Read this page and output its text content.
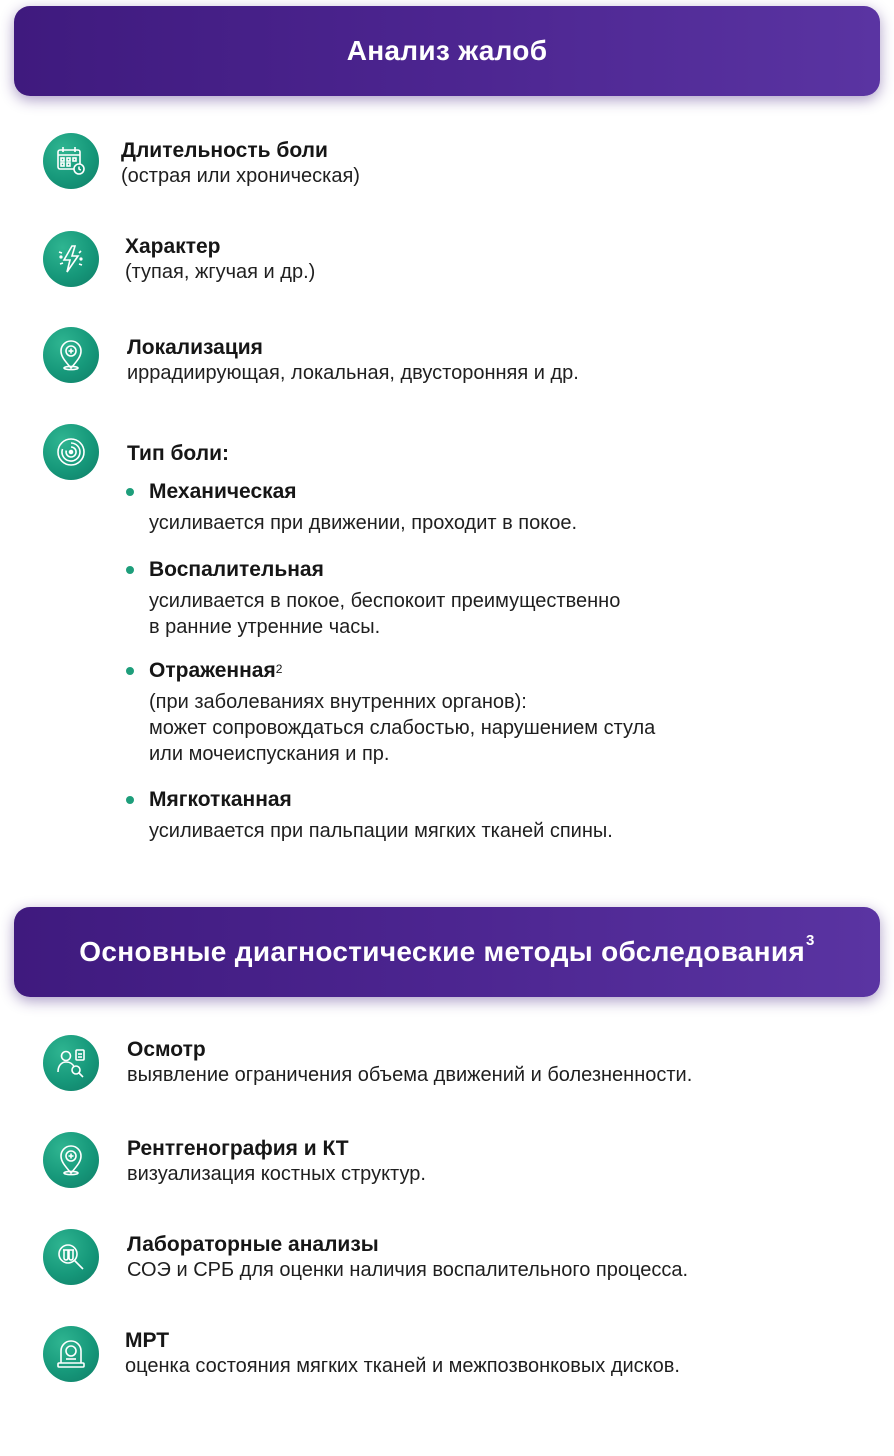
Анализ жалоб
Длительность боли
(острая или хроническая)
Характер
(тупая, жгучая и др.)
Локализация
иррадиирующая, локальная, двусторонняя и др.
Тип боли:
Механическая
усиливается при движении, проходит в покое.
Воспалительная
усиливается в покое, беспокоит преимущественно
в ранние утренние часы.
Отраженная$^2$
(при заболеваниях внутренних органов):
может сопровождаться слабостью, нарушением стула
или мочеиспускания и пр.
Мягкотканная
усиливается при пальпации мягких тканей спины.
Основные диагностические методы обследования$^3$
Осмотр
выявление ограничения объема движений и болезненности.
Рентгенография и КТ
визуализация костных структур.
Лабораторные анализы
СОЭ и СРБ для оценки наличия воспалительного процесса.
МРТ
оценка состояния мягких тканей и межпозвонковых дисков.
